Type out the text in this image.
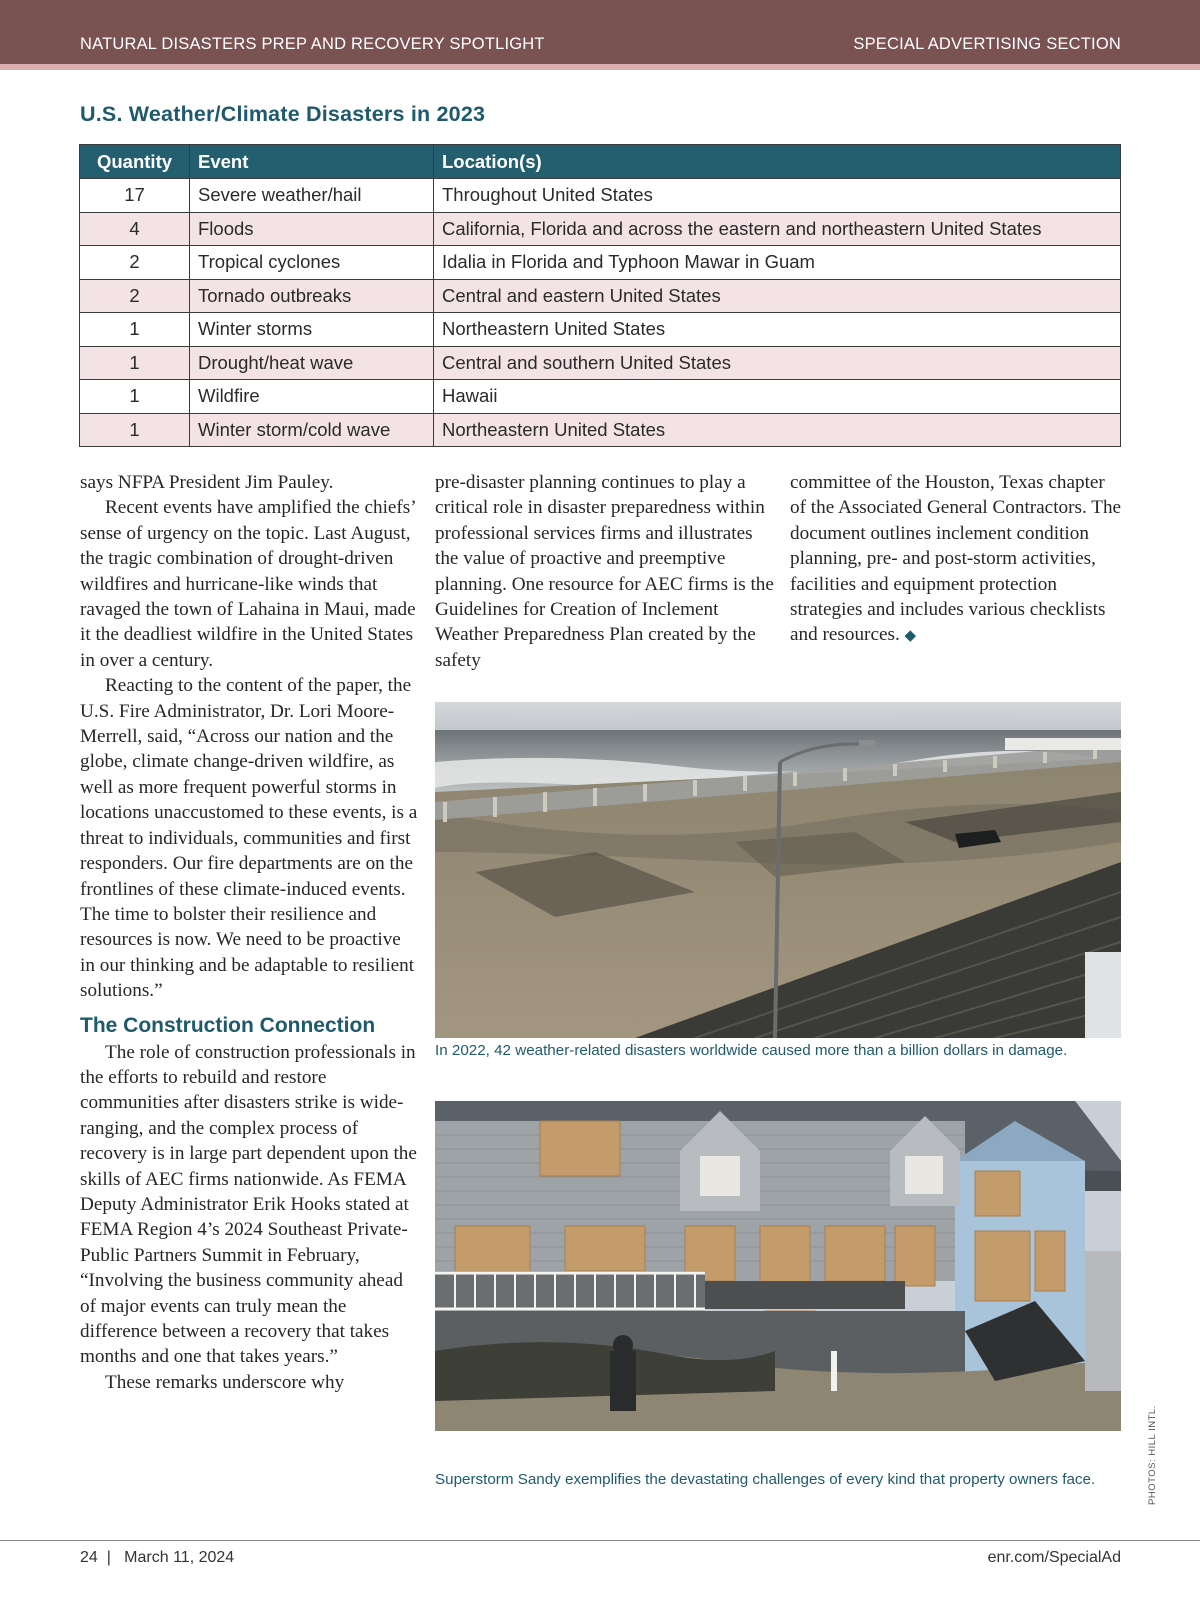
NATURAL DISASTERS PREP AND RECOVERY SPOTLIGHT	SPECIAL ADVERTISING SECTION
U.S. Weather/Climate Disasters in 2023
Quantity	Event	Location(s)
17	Severe weather/hail	Throughout United States
4	Floods	California, Florida and across the eastern and northeastern United States
2	Tropical cyclones	Idalia in Florida and Typhoon Mawar in Guam
2	Tornado outbreaks	Central and eastern United States
1	Winter storms	Northeastern United States
1	Drought/heat wave	Central and southern United States
1	Wildfire	Hawaii
1	Winter storm/cold wave	Northeastern United States

says NFPA President Jim Pauley.

Recent events have amplified the chiefs’ sense of urgency on the topic. Last August, the tragic combination of drought-driven wildfires and hurricane-like winds that ravaged the town of Lahaina in Maui, made it the deadliest wildfire in the United States in over a century.

Reacting to the content of the paper, the U.S. Fire Administrator, Dr. Lori Moore-Merrell, said, “Across our nation and the globe, climate change-driven wildfire, as well as more frequent powerful storms in locations unaccustomed to these events, is a threat to individuals, communities and first responders. Our fire departments are on the frontlines of these climate-induced events. The time to bolster their resilience and resources is now. We need to be proactive in our thinking and be adaptable to resilient solutions.”

The Construction Connection

The role of construction professionals in the efforts to rebuild and restore communities after disasters strike is wide-ranging, and the complex process of recovery is in large part dependent upon the skills of AEC firms nationwide. As FEMA Deputy Administrator Erik Hooks stated at FEMA Region 4’s 2024 Southeast Private-Public Partners Summit in February, “Involving the business community ahead of major events can truly mean the difference between a recovery that takes months and one that takes years.”

These remarks underscore why

pre-disaster planning continues to play a critical role in disaster preparedness within professional services firms and illustrates the value of proactive and preemptive planning. One resource for AEC firms is the Guidelines for Creation of Inclement Weather Preparedness Plan created by the safety

committee of the Houston, Texas chapter of the Associated General Contractors. The document outlines inclement condition planning, pre- and post-storm activities, facilities and equipment protection strategies and includes various checklists and resources. ◆

In 2022, 42 weather-related disasters worldwide caused more than a billion dollars in damage.
Superstorm Sandy exemplifies the devastating challenges of every kind that property owners face.	PHOTOS: HILL INTL.
24  |   March 11, 2024	enr.com/SpecialAd
